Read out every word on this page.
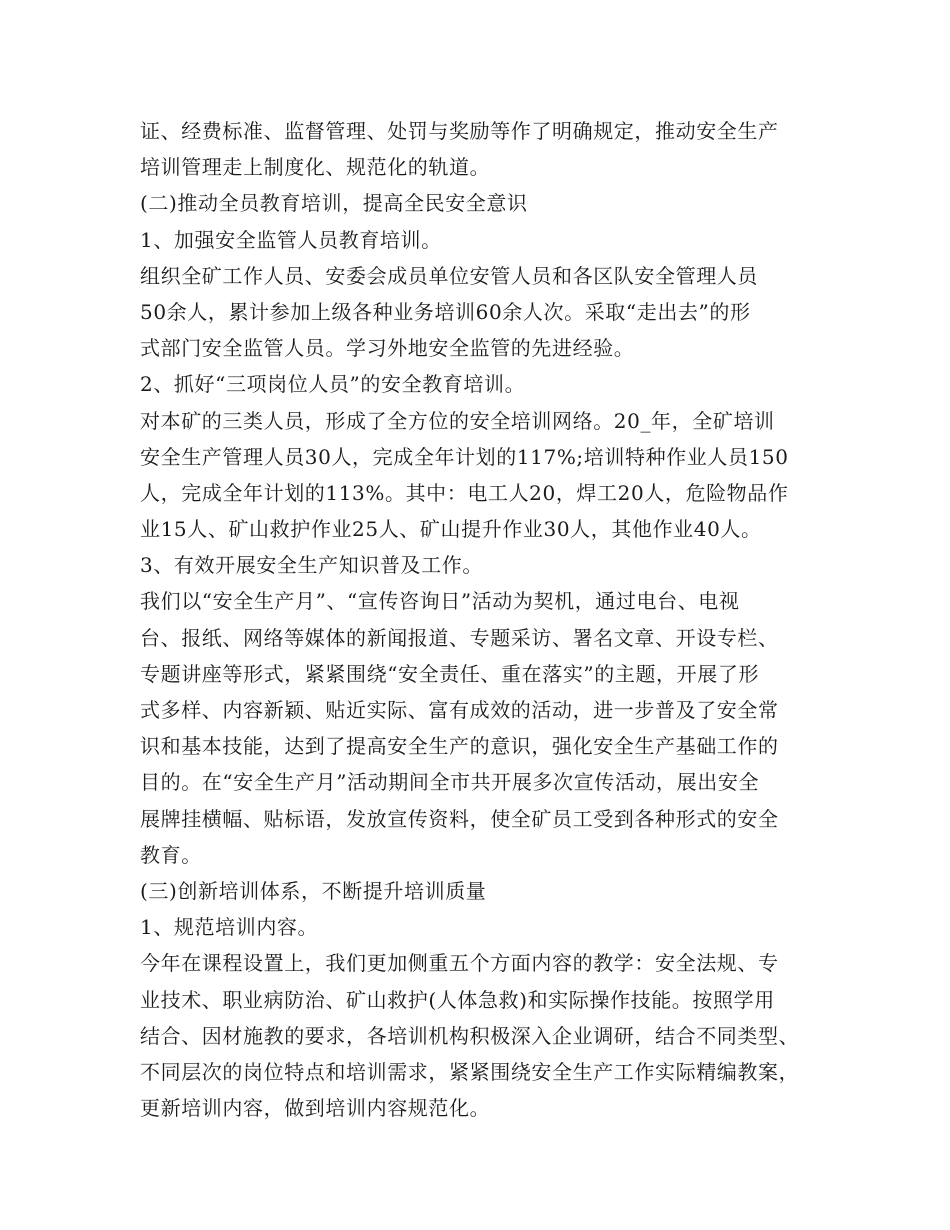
证、经费标准、监督管理、处罚与奖励等作了明确规定，推动安全生产
培训管理走上制度化、规范化的轨道。
(二)推动全员教育培训，提高全民安全意识
1、加强安全监管人员教育培训。
组织全矿工作人员、安委会成员单位安管人员和各区队安全管理人员
50余人，累计参加上级各种业务培训60余人次。采取“走出去”的形
式部门安全监管人员。学习外地安全监管的先进经验。
2、抓好“三项岗位人员”的安全教育培训。
对本矿的三类人员，形成了全方位的安全培训网络。20_年，全矿培训
安全生产管理人员30人，完成全年计划的117%;培训特种作业人员150
人，完成全年计划的113%。其中：电工人20，焊工20人，危险物品作
业15人、矿山救护作业25人、矿山提升作业30人，其他作业40人。
3、有效开展安全生产知识普及工作。
我们以“安全生产月”、“宣传咨询日”活动为契机，通过电台、电视
台、报纸、网络等媒体的新闻报道、专题采访、署名文章、开设专栏、
专题讲座等形式，紧紧围绕“安全责任、重在落实”的主题，开展了形
式多样、内容新颖、贴近实际、富有成效的活动，进一步普及了安全常
识和基本技能，达到了提高安全生产的意识，强化安全生产基础工作的
目的。在“安全生产月”活动期间全市共开展多次宣传活动，展出安全
展牌挂横幅、贴标语，发放宣传资料，使全矿员工受到各种形式的安全
教育。
(三)创新培训体系，不断提升培训质量
1、规范培训内容。
今年在课程设置上，我们更加侧重五个方面内容的教学：安全法规、专
业技术、职业病防治、矿山救护(人体急救)和实际操作技能。按照学用
结合、因材施教的要求，各培训机构积极深入企业调研，结合不同类型、
不同层次的岗位特点和培训需求，紧紧围绕安全生产工作实际精编教案，
更新培训内容，做到培训内容规范化。
